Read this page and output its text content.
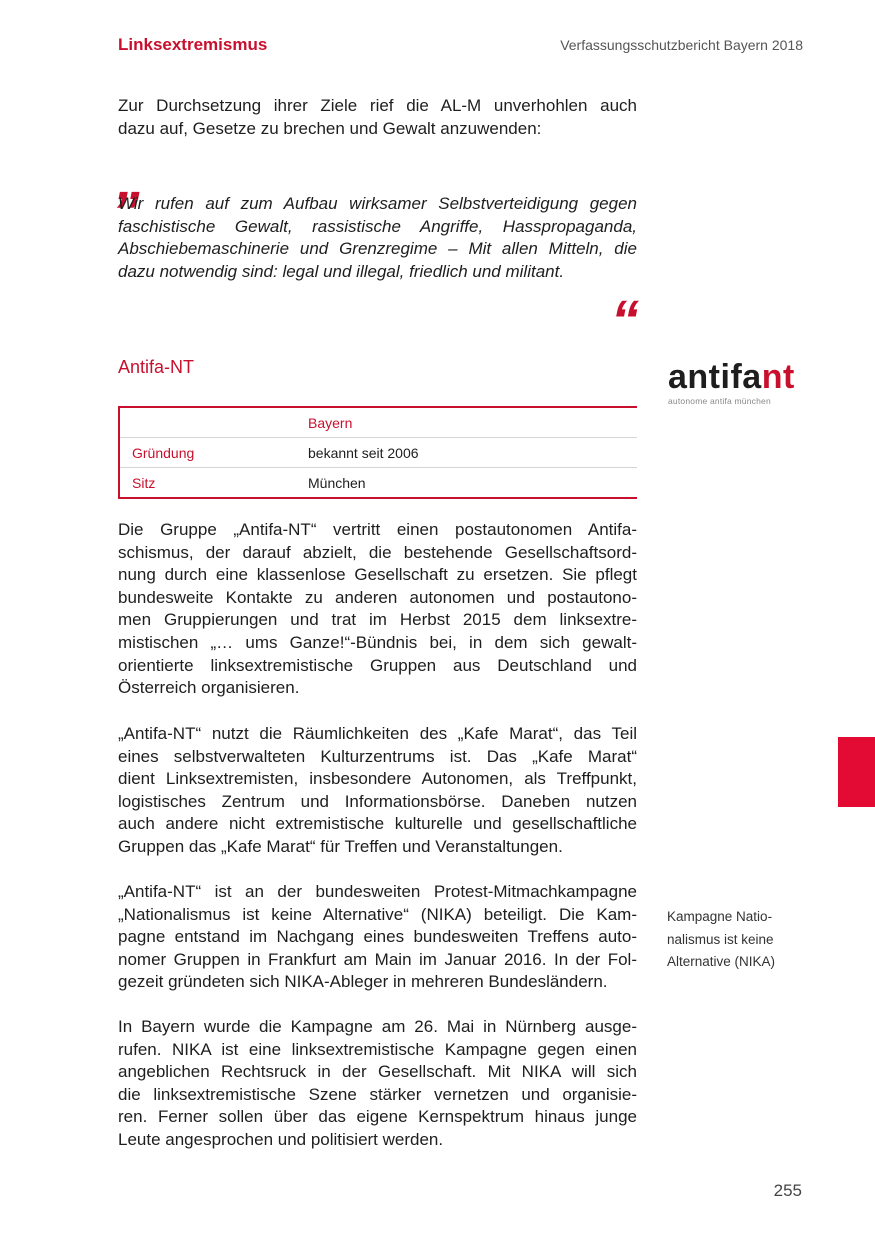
Linksextremismus	Verfassungsschutzbericht Bayern 2018

Zur Durchsetzung ihrer Ziele rief die AL-M unverhohlen auch
dazu auf, Gesetze zu brechen und Gewalt anzuwenden:

„

Wir rufen auf zum Aufbau wirksamer Selbstverteidigung gegen
faschistische Gewalt, rassistische Angriffe, Hasspropaganda,
Abschiebemaschinerie und Grenzregime – Mit allen Mitteln, die
dazu notwendig sind: legal und illegal, friedlich und militant.

“
Antifa-NT	antifant
autonome antifa münchen
	Bayern
Gründung	bekannt seit 2006
Sitz	München

Die Gruppe „Antifa-NT“ vertritt einen postautonomen Antifa-
schismus, der darauf abzielt, die bestehende Gesellschaftsord-
nung durch eine klassenlose Gesellschaft zu ersetzen. Sie pflegt
bundesweite Kontakte zu anderen autonomen und postautono-
men Gruppierungen und trat im Herbst 2015 dem linksextre-
mistischen „… ums Ganze!“-Bündnis bei, in dem sich gewalt-
orientierte linksextremistische Gruppen aus Deutschland und
Österreich organisieren.

„Antifa-NT“ nutzt die Räumlichkeiten des „Kafe Marat“, das Teil
eines selbstverwalteten Kulturzentrums ist. Das „Kafe Marat“
dient Linksextremisten, insbesondere Autonomen, als Treffpunkt,
logistisches Zentrum und Informationsbörse. Daneben nutzen
auch andere nicht extremistische kulturelle und gesellschaftliche
Gruppen das „Kafe Marat“ für Treffen und Veranstaltungen.

„Antifa-NT“ ist an der bundesweiten Protest-Mitmachkampagne
„Nationalismus ist keine Alternative“ (NIKA) beteiligt. Die Kam-
pagne entstand im Nachgang eines bundesweiten Treffens auto-
nomer Gruppen in Frankfurt am Main im Januar 2016. In der Fol-
gezeit gründeten sich NIKA-Ableger in mehreren Bundesländern.

In Bayern wurde die Kampagne am 26. Mai in Nürnberg ausge-
rufen. NIKA ist eine linksextremistische Kampagne gegen einen
angeblichen Rechtsruck in der Gesellschaft. Mit NIKA will sich
die linksextremistische Szene stärker vernetzen und organisie-
ren. Ferner sollen über das eigene Kernspektrum hinaus junge
Leute angesprochen und politisiert werden.

Kampagne Natio-
nalismus ist keine
Alternative (NIKA)
255
